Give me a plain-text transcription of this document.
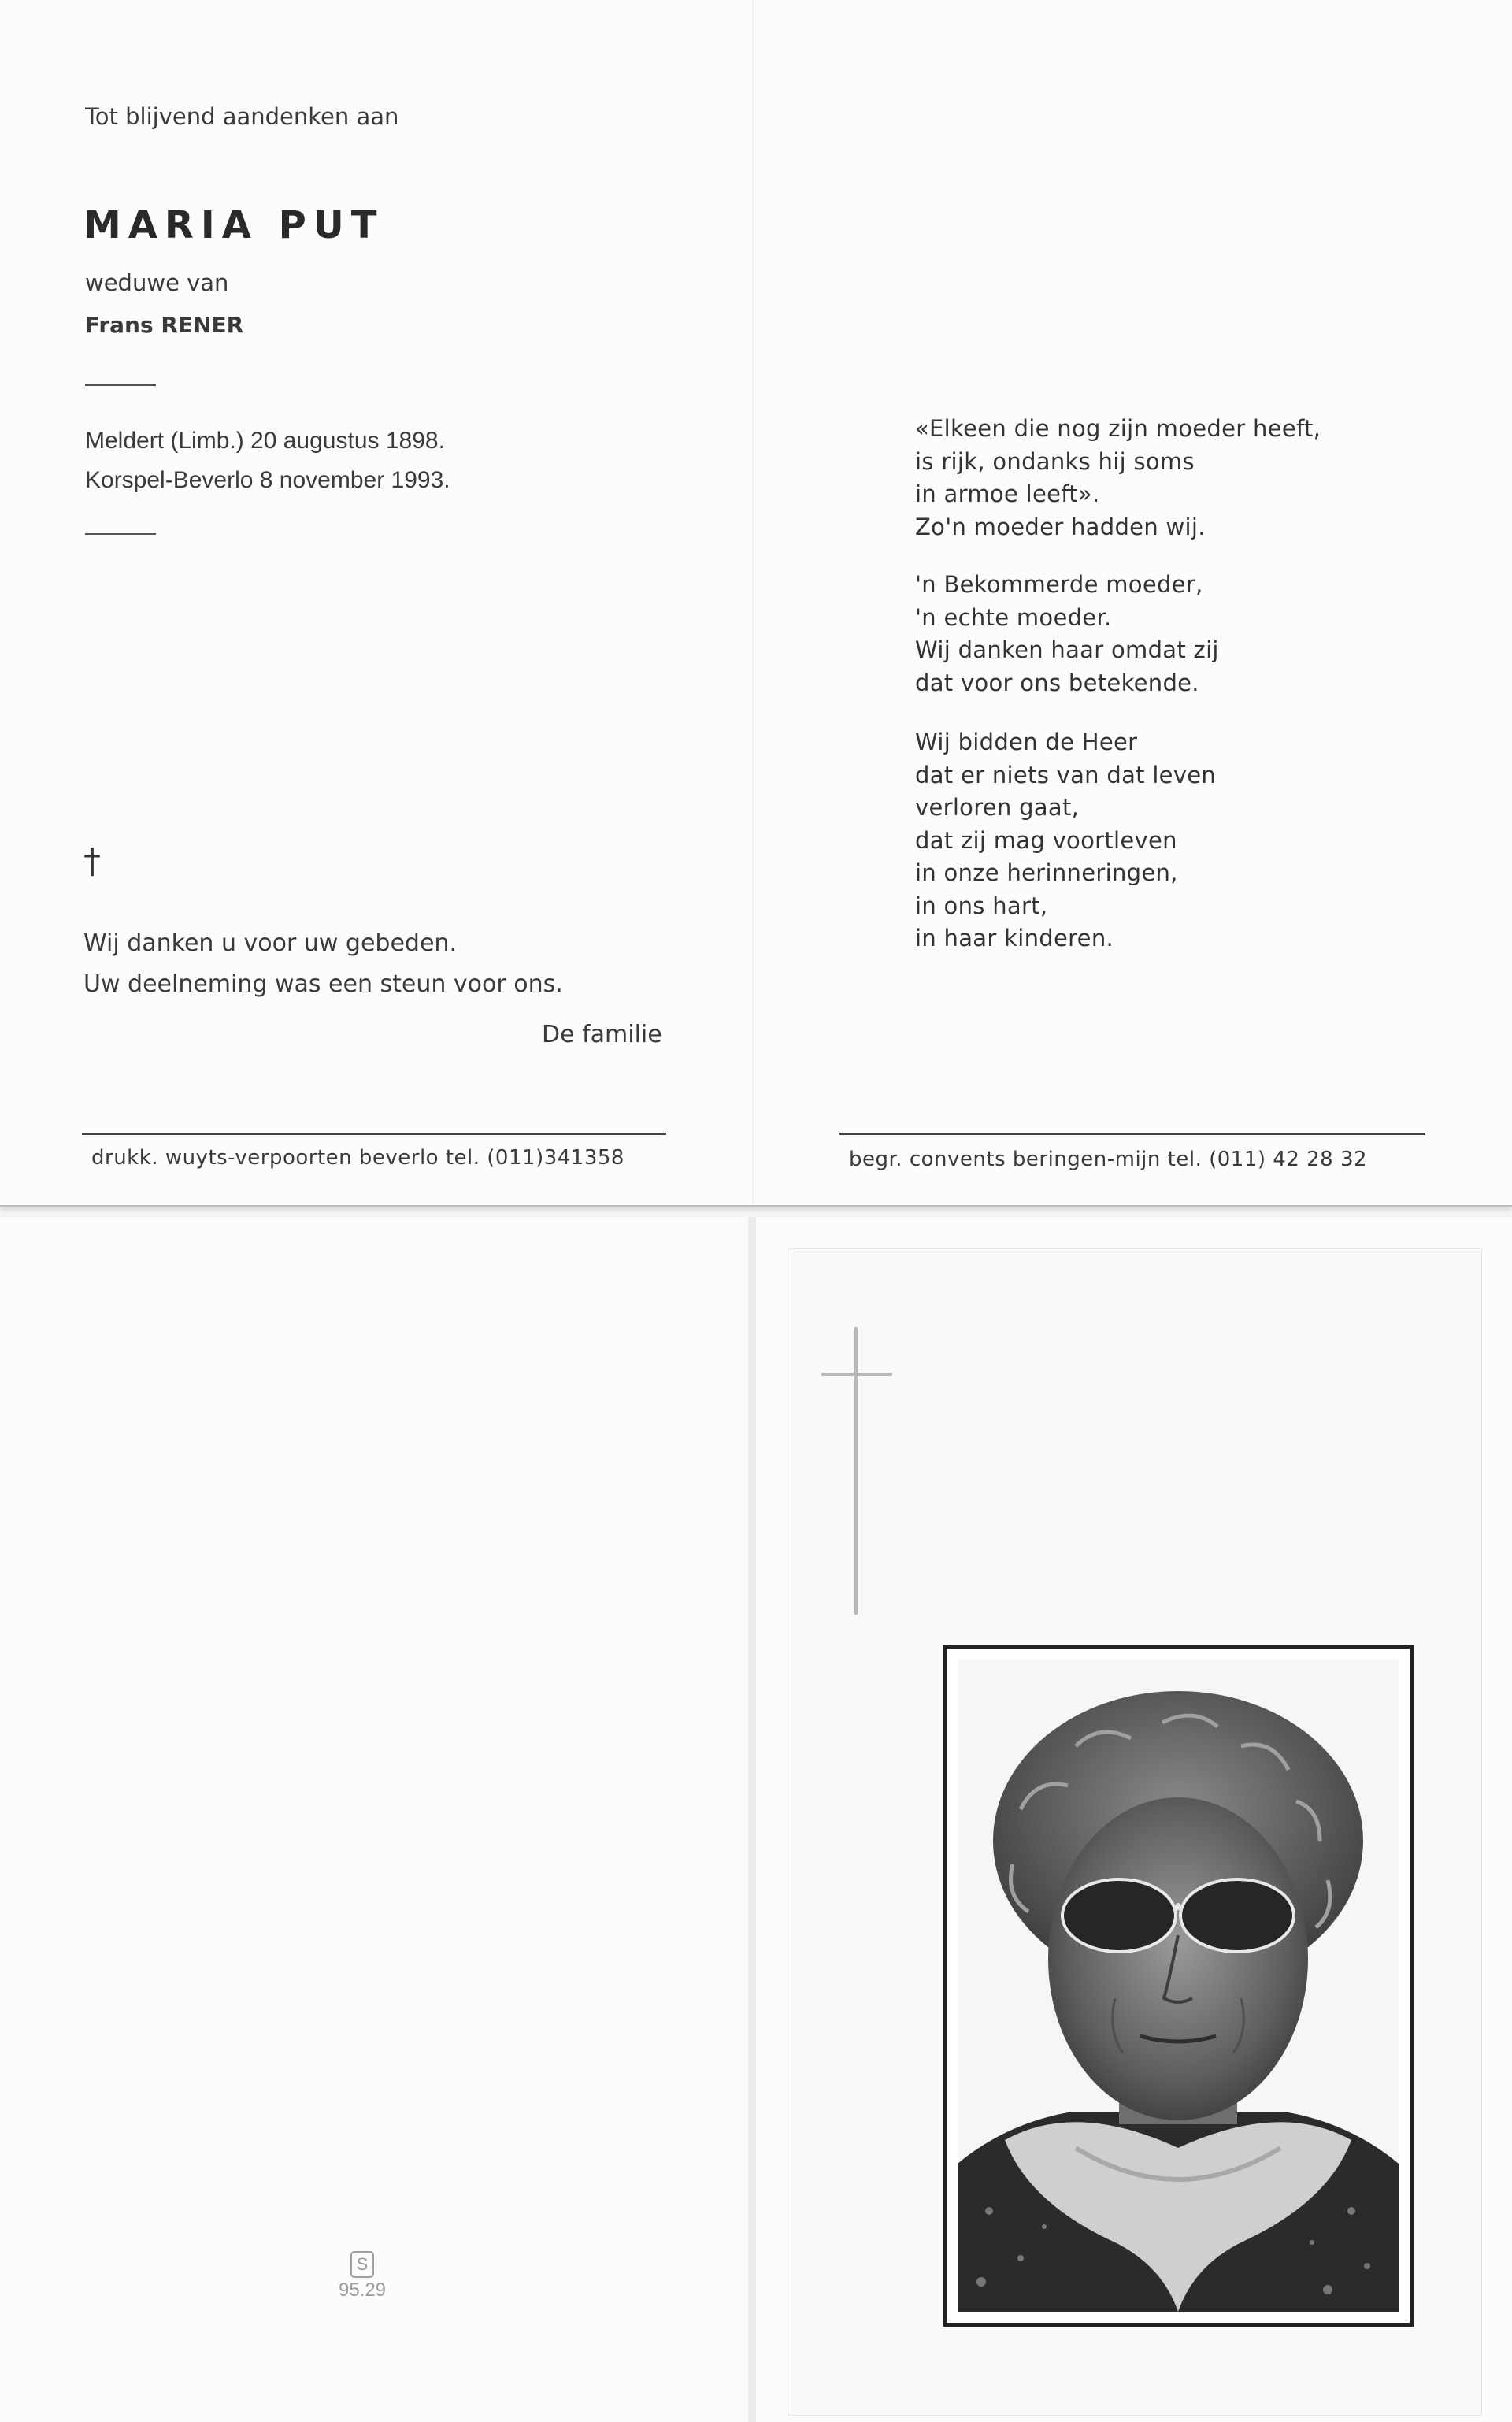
Tot blijvend aandenken aan
MARIA PUT
weduwe van
Frans RENER
Meldert (Limb.) 20 augustus 1898.
Korspel-Beverlo 8 november 1993.
†
Wij danken u voor uw gebeden.
Uw deelneming was een steun voor ons.
De familie
drukk. wuyts-verpoorten beverlo tel. (011)341358
«Elkeen die nog zijn moeder heeft,
is rijk, ondanks hij soms
in armoe leeft».
Zo'n moeder hadden wij.
'n Bekommerde moeder,
'n echte moeder.
Wij danken haar omdat zij
dat voor ons betekende.
Wij bidden de Heer
dat er niets van dat leven
verloren gaat,
dat zij mag voortleven
in onze herinneringen,
in ons hart,
in haar kinderen.
begr. convents beringen-mijn tel. (011) 42 28 32
S
95.29
